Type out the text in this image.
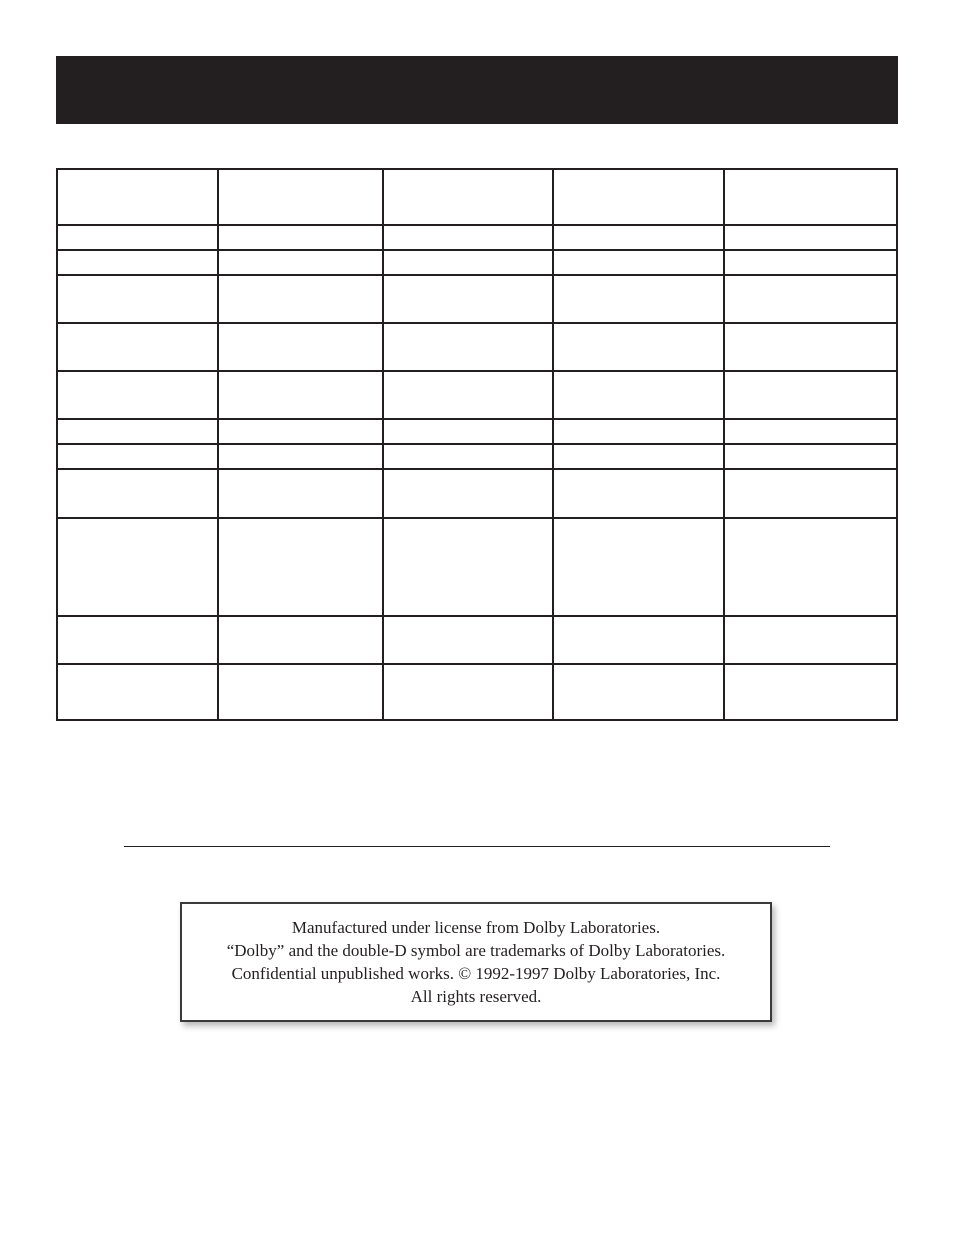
Manufactured under license from Dolby Laboratories.
“Dolby” and the double-D symbol are trademarks of Dolby Laboratories.
Confidential unpublished works. © 1992-1997 Dolby Laboratories, Inc.
All rights reserved.
